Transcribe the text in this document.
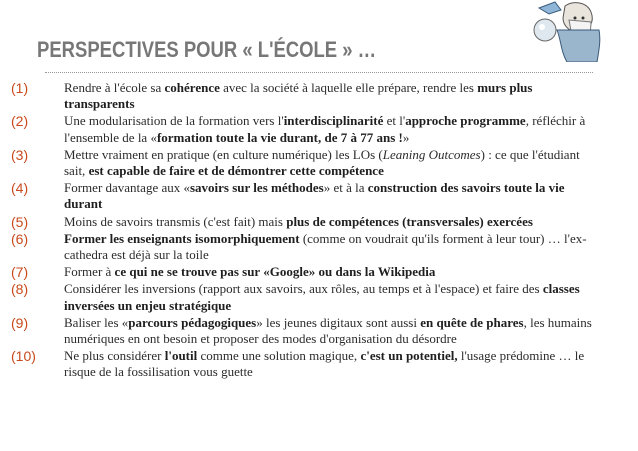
PERSPECTIVES POUR « L'ÉCOLE » …
(1)	Rendre à l'école sa cohérence avec la société à laquelle elle prépare, rendre les murs plus transparents
(2)	Une modularisation de la formation vers l'interdisciplinarité et l'approche programme, réfléchir à l'ensemble de la «formation toute la vie durant, de 7 à 77 ans !»
(3)	Mettre vraiment en pratique (en culture numérique) les LOs (Leaning Outcomes) : ce que l'étudiant sait, est capable de faire et de démontrer cette compétence
(4)	Former davantage aux «savoirs sur les méthodes» et à la construction des savoirs toute la vie durant
(5)	Moins de savoirs transmis (c'est fait) mais plus de compétences (transversales) exercées
(6)	Former les enseignants isomorphiquement (comme on voudrait qu'ils forment à leur tour) … l'ex-cathedra est déjà sur la toile
(7)	Former à ce qui ne se trouve pas sur «Google» ou dans la Wikipedia
(8)	Considérer les inversions (rapport aux savoirs, aux rôles, au temps et à l'espace) et faire des classes inversées un enjeu stratégique
(9)	Baliser les «parcours pédagogiques» les jeunes digitaux sont aussi en quête de phares, les humains numériques en ont besoin et proposer des modes d'organisation du désordre
(10) Ne plus considérer l'outil comme une solution magique, c'est un potentiel, l'usage prédomine … le risque de la fossilisation vous guette
